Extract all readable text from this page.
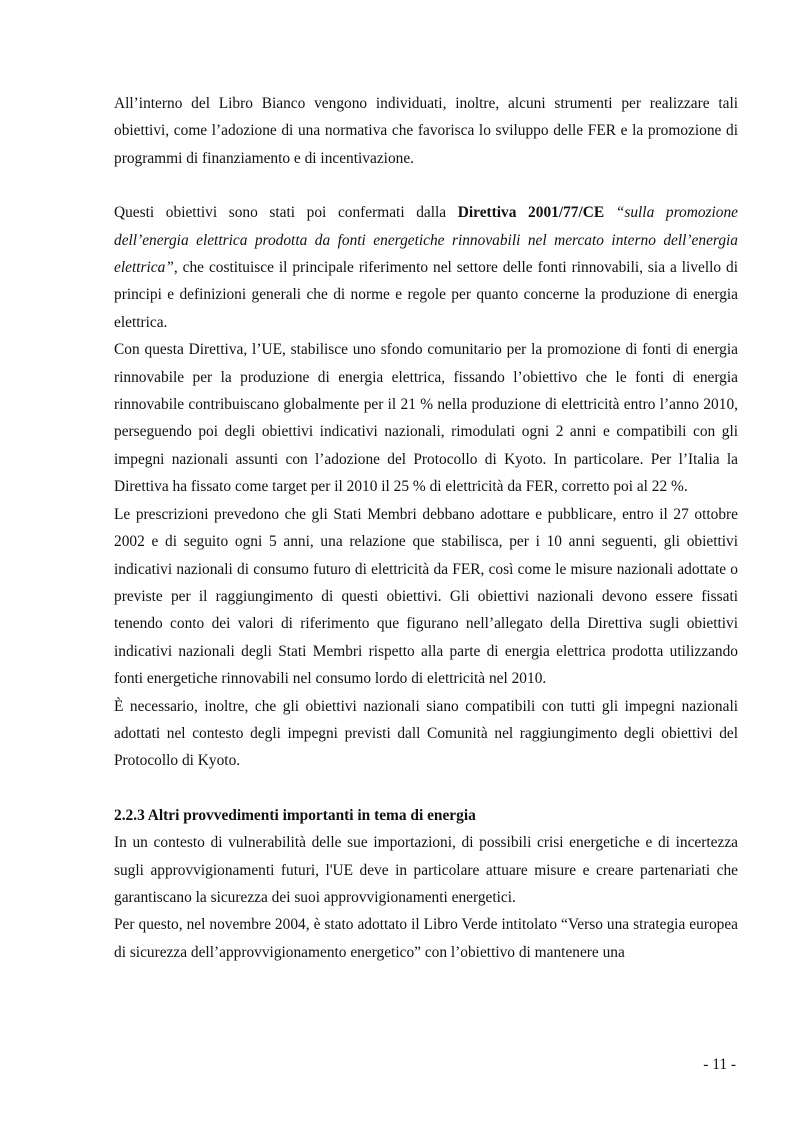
All’interno del Libro Bianco vengono individuati, inoltre, alcuni strumenti per realizzare tali obiettivi, come l’adozione di una normativa che favorisca lo sviluppo delle FER e la promozione di programmi di finanziamento e di incentivazione.

Questi obiettivi sono stati poi confermati dalla Direttiva 2001/77/CE “sulla promozione dell’energia elettrica prodotta da fonti energetiche rinnovabili nel mercato interno dell’energia elettrica”, che costituisce il principale riferimento nel settore delle fonti rinnovabili, sia a livello di principi e definizioni generali che di norme e regole per quanto concerne la produzione di energia elettrica.

Con questa Direttiva, l’UE, stabilisce uno sfondo comunitario per la promozione di fonti di energia rinnovabile per la produzione di energia elettrica, fissando l’obiettivo che le fonti di energia rinnovabile contribuiscano globalmente per il 21 % nella produzione di elettricità entro l’anno 2010, perseguendo poi degli obiettivi indicativi nazionali, rimodulati ogni 2 anni e compatibili con gli impegni nazionali assunti con l’adozione del Protocollo di Kyoto. In particolare. Per l’Italia la Direttiva ha fissato come target per il 2010 il 25 % di elettricità da FER, corretto poi al 22 %.

Le prescrizioni prevedono che gli Stati Membri debbano adottare e pubblicare, entro il 27 ottobre 2002 e di seguito ogni 5 anni, una relazione que stabilisca, per i 10 anni seguenti, gli obiettivi indicativi nazionali di consumo futuro di elettricità da FER, così come le misure nazionali adottate o previste per il raggiungimento di questi obiettivi. Gli obiettivi nazionali devono essere fissati tenendo conto dei valori di riferimento que figurano nell’allegato della Direttiva sugli obiettivi indicativi nazionali degli Stati Membri rispetto alla parte di energia elettrica prodotta utilizzando fonti energetiche rinnovabili nel consumo lordo di elettricità nel 2010.

È necessario, inoltre, che gli obiettivi nazionali siano compatibili con tutti gli impegni nazionali adottati nel contesto degli impegni previsti dall Comunità nel raggiungimento degli obiettivi del Protocollo di Kyoto.

2.2.3 Altri provvedimenti importanti in tema di energia

In un contesto di vulnerabilità delle sue importazioni, di possibili crisi energetiche e di incertezza sugli approvvigionamenti futuri, l'UE deve in particolare attuare misure e creare partenariati che garantiscano la sicurezza dei suoi approvvigionamenti energetici.

Per questo, nel novembre 2004, è stato adottato il Libro Verde intitolato “Verso una strategia europea di sicurezza dell’approvvigionamento energetico” con l’obiettivo di mantenere una

- 11 -
